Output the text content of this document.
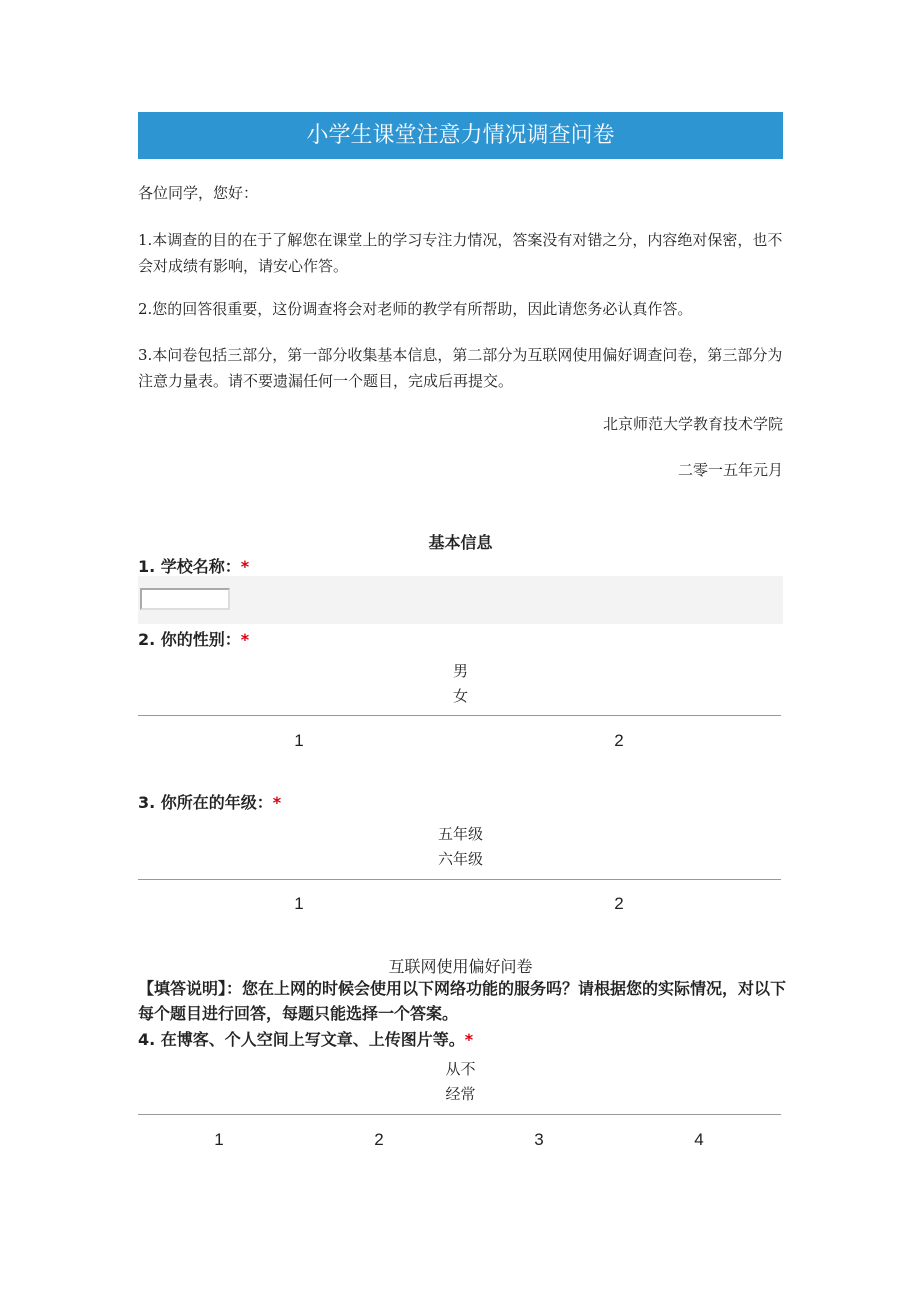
小学生课堂注意力情况调查问卷
各位同学，您好：
1.本调查的目的在于了解您在课堂上的学习专注力情况，答案没有对错之分，内容绝对保密，也不会对成绩有影响，请安心作答。
2.您的回答很重要，这份调查将会对老师的教学有所帮助，因此请您务必认真作答。
3.本问卷包括三部分，第一部分收集基本信息，第二部分为互联网使用偏好调查问卷，第三部分为注意力量表。请不要遗漏任何一个题目，完成后再提交。
北京师范大学教育技术学院
二零一五年元月
基本信息
1. 学校名称：*
2. 你的性别：*
男
女
1	2
3. 你所在的年级：*
五年级
六年级
1	2
互联网使用偏好问卷
【填答说明】：您在上网的时候会使用以下网络功能的服务吗？请根据您的实际情况，对以下每个题目进行回答，每题只能选择一个答案。
4. 在博客、个人空间上写文章、上传图片等。*
从不
经常
1	2	3	4
